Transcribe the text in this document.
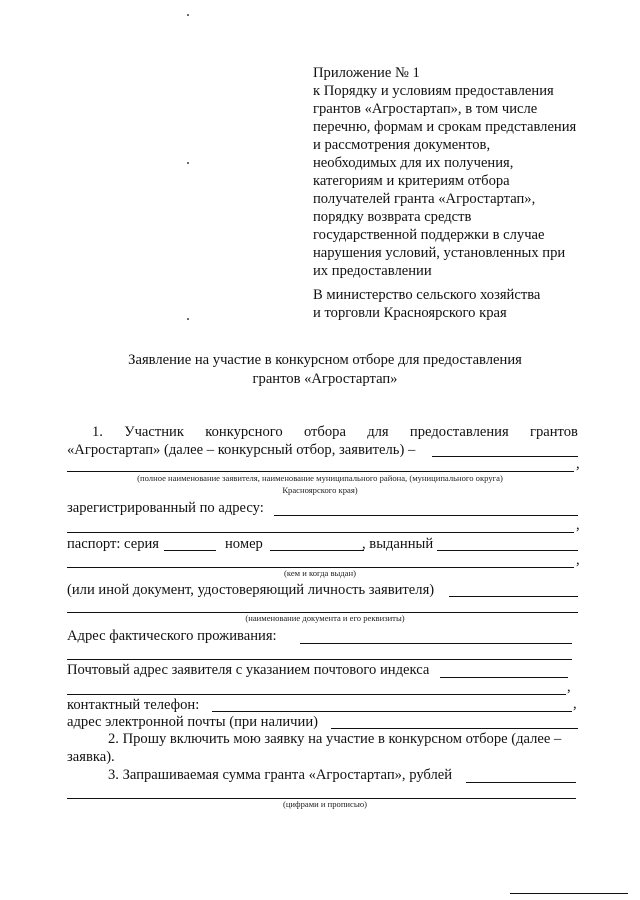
Приложение № 1
к Порядку и условиям предоставления
грантов «Агростартап», в том числе
перечню, формам и срокам представления
и рассмотрения документов,
необходимых для их получения,
категориям и критериям отбора
получателей гранта «Агростартап»,
порядку возврата средств
государственной поддержки в случае
нарушения условий, установленных при
их предоставлении
В министерство сельского хозяйства
и торговли Красноярского края
Заявление на участие в конкурсном отборе для предоставления
грантов «Агростартап»
1. Участник конкурсного отбора для предоставления грантов
«Агростартап» (далее – конкурсный отбор, заявитель) –
,
(полное наименование заявителя, наименование муниципального района, (муниципального округа)
Красноярского края)
зарегистрированный по адресу:
,
паспорт: серия	номер	, выданный
,
(кем и когда выдан)
(или иной документ, удостоверяющий личность заявителя)
(наименование документа и его реквизиты)
Адрес фактического проживания:
Почтовый адрес заявителя с указанием почтового индекса
,
контактный телефон:	,
адрес электронной почты (при наличии)
2. Прошу включить мою заявку на участие в конкурсном отборе (далее –
заявка).
3. Запрашиваемая сумма гранта «Агростартап», рублей
(цифрами и прописью)
